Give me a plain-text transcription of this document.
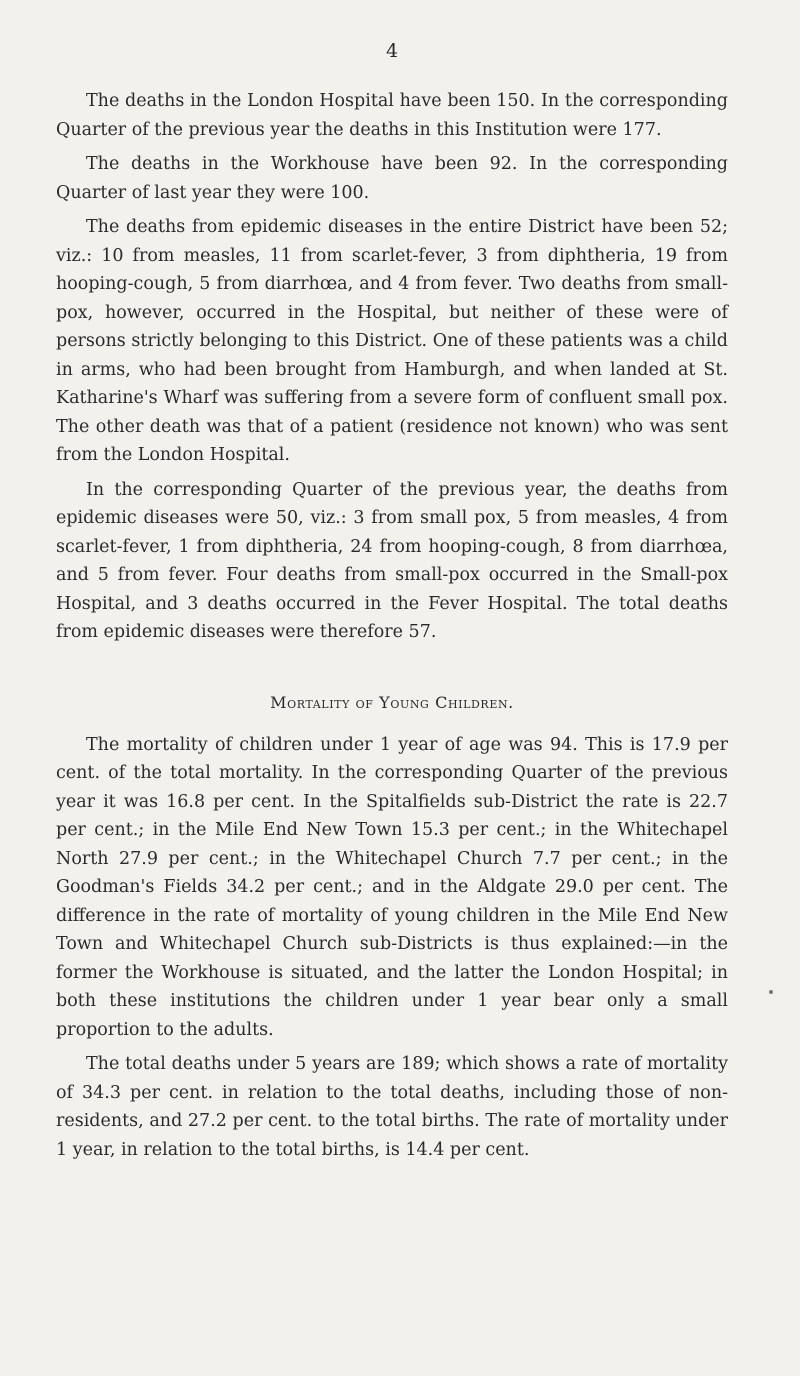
4

The deaths in the London Hospital have been 150. In the corresponding Quarter of the previous year the deaths in this Institution were 177.

The deaths in the Workhouse have been 92. In the corresponding Quarter of last year they were 100.

The deaths from epidemic diseases in the entire District have been 52; viz.: 10 from measles, 11 from scarlet-fever, 3 from diphtheria, 19 from hooping-cough, 5 from diarrhœa, and 4 from fever. Two deaths from small-pox, however, occurred in the Hospital, but neither of these were of persons strictly belonging to this District. One of these patients was a child in arms, who had been brought from Hamburgh, and when landed at St. Katharine's Wharf was suffering from a severe form of confluent small pox. The other death was that of a patient (residence not known) who was sent from the London Hospital.

In the corresponding Quarter of the previous year, the deaths from epidemic diseases were 50, viz.: 3 from small pox, 5 from measles, 4 from scarlet-fever, 1 from diphtheria, 24 from hooping-cough, 8 from diarrhœa, and 5 from fever. Four deaths from small-pox occurred in the Small-pox Hospital, and 3 deaths occurred in the Fever Hospital. The total deaths from epidemic diseases were therefore 57.

Mortality of Young Children.

The mortality of children under 1 year of age was 94. This is 17.9 per cent. of the total mortality. In the corresponding Quarter of the previous year it was 16.8 per cent. In the Spitalfields sub-District the rate is 22.7 per cent.; in the Mile End New Town 15.3 per cent.; in the Whitechapel North 27.9 per cent.; in the Whitechapel Church 7.7 per cent.; in the Goodman's Fields 34.2 per cent.; and in the Aldgate 29.0 per cent. The difference in the rate of mortality of young children in the Mile End New Town and Whitechapel Church sub-Districts is thus explained:—in the former the Workhouse is situated, and the latter the London Hospital; in both these institutions the children under 1 year bear only a small proportion to the adults.

The total deaths under 5 years are 189; which shows a rate of mortality of 34.3 per cent. in relation to the total deaths, including those of non-residents, and 27.2 per cent. to the total births. The rate of mortality under 1 year, in relation to the total births, is 14.4 per cent.
